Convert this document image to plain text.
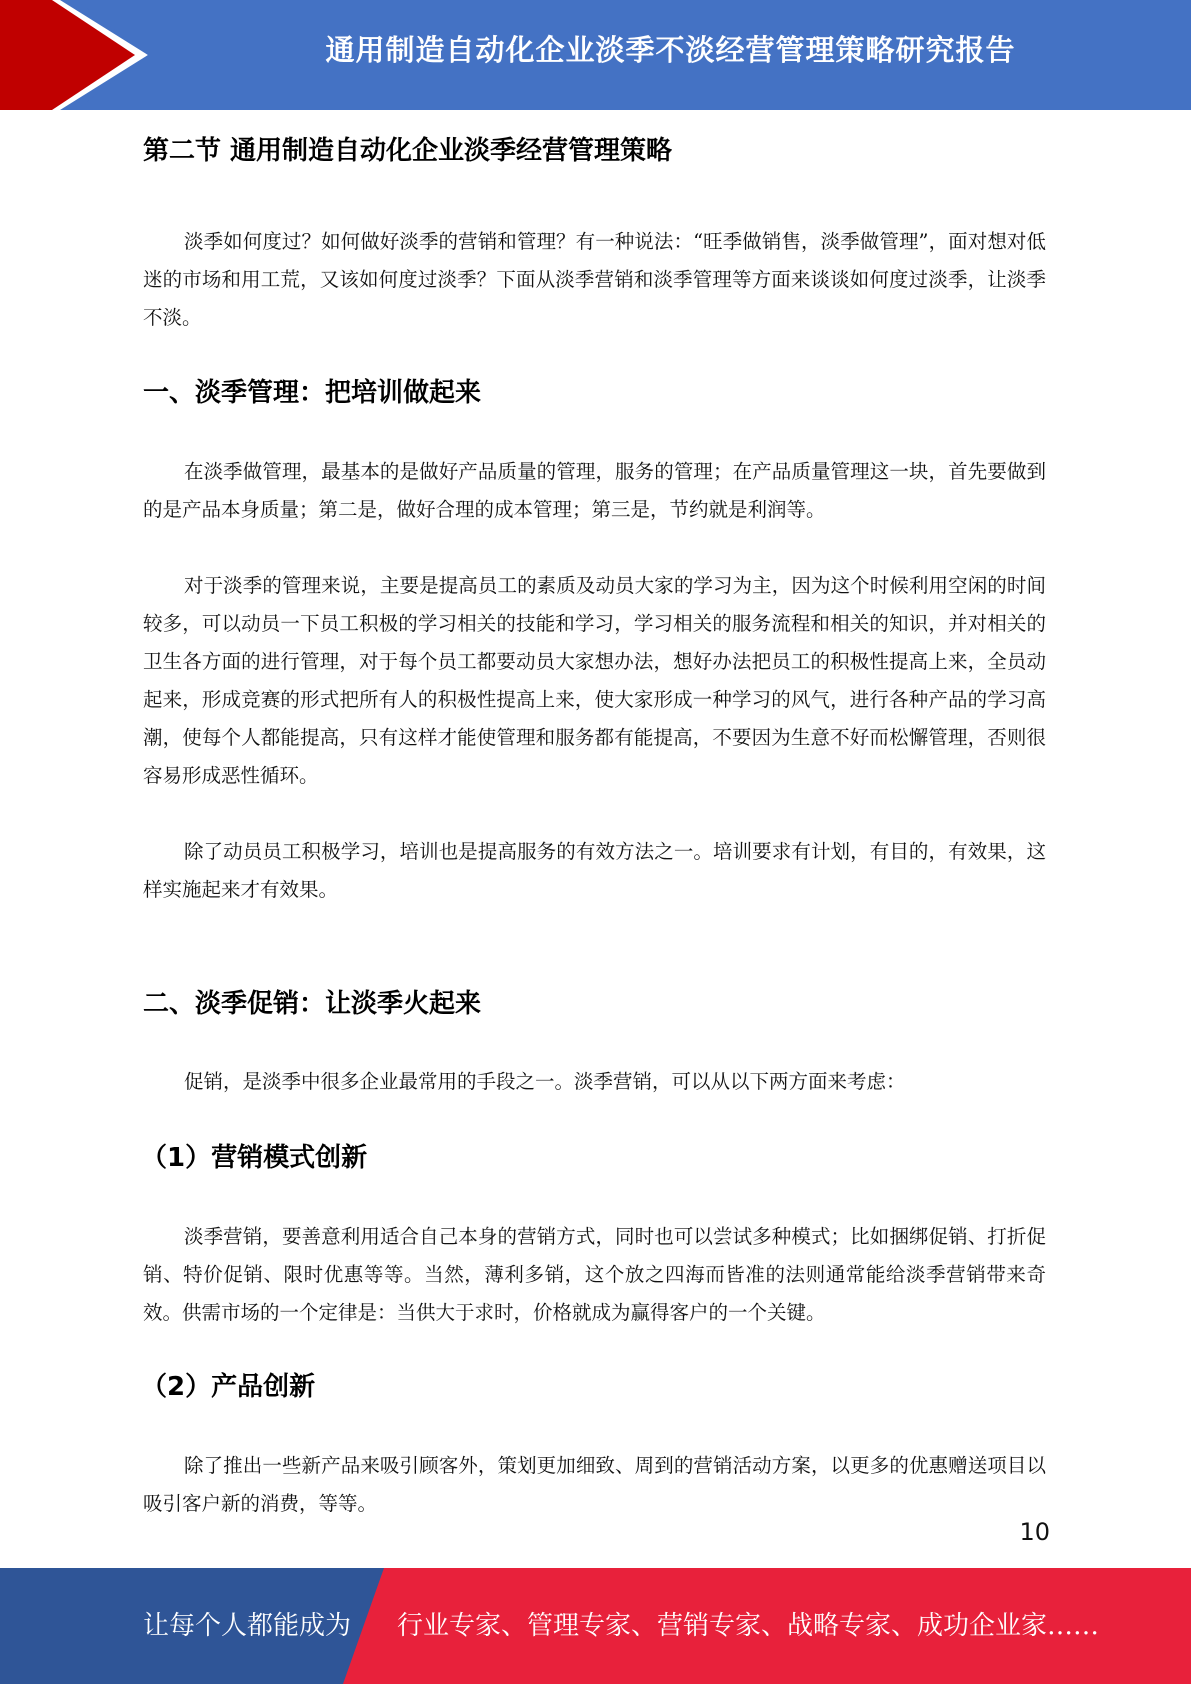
通用制造自动化企业淡季不淡经营管理策略研究报告
第二节 通用制造自动化企业淡季经营管理策略
淡季如何度过？如何做好淡季的营销和管理？有一种说法：“旺季做销售，淡季做管理”，面对想对低迷的市场和用工荒，又该如何度过淡季？下面从淡季营销和淡季管理等方面来谈谈如何度过淡季，让淡季不淡。
一、淡季管理：把培训做起来
在淡季做管理，最基本的是做好产品质量的管理，服务的管理；在产品质量管理这一块，首先要做到的是产品本身质量；第二是，做好合理的成本管理；第三是，节约就是利润等。
对于淡季的管理来说，主要是提高员工的素质及动员大家的学习为主，因为这个时候利用空闲的时间较多，可以动员一下员工积极的学习相关的技能和学习，学习相关的服务流程和相关的知识，并对相关的卫生各方面的进行管理，对于每个员工都要动员大家想办法，想好办法把员工的积极性提高上来，全员动起来，形成竞赛的形式把所有人的积极性提高上来，使大家形成一种学习的风气，进行各种产品的学习高潮，使每个人都能提高，只有这样才能使管理和服务都有能提高，不要因为生意不好而松懈管理，否则很容易形成恶性循环。
除了动员员工积极学习，培训也是提高服务的有效方法之一。培训要求有计划，有目的，有效果，这样实施起来才有效果。
二、淡季促销：让淡季火起来
促销，是淡季中很多企业最常用的手段之一。淡季营销，可以从以下两方面来考虑：
（1）营销模式创新
淡季营销，要善意利用适合自己本身的营销方式，同时也可以尝试多种模式；比如捆绑促销、打折促销、特价促销、限时优惠等等。当然，薄利多销，这个放之四海而皆准的法则通常能给淡季营销带来奇效。供需市场的一个定律是：当供大于求时，价格就成为赢得客户的一个关键。
（2）产品创新
除了推出一些新产品来吸引顾客外，策划更加细致、周到的营销活动方案，以更多的优惠赠送项目以吸引客户新的消费，等等。
10
让每个人都能成为 行业专家、管理专家、营销专家、战略专家、成功企业家……
